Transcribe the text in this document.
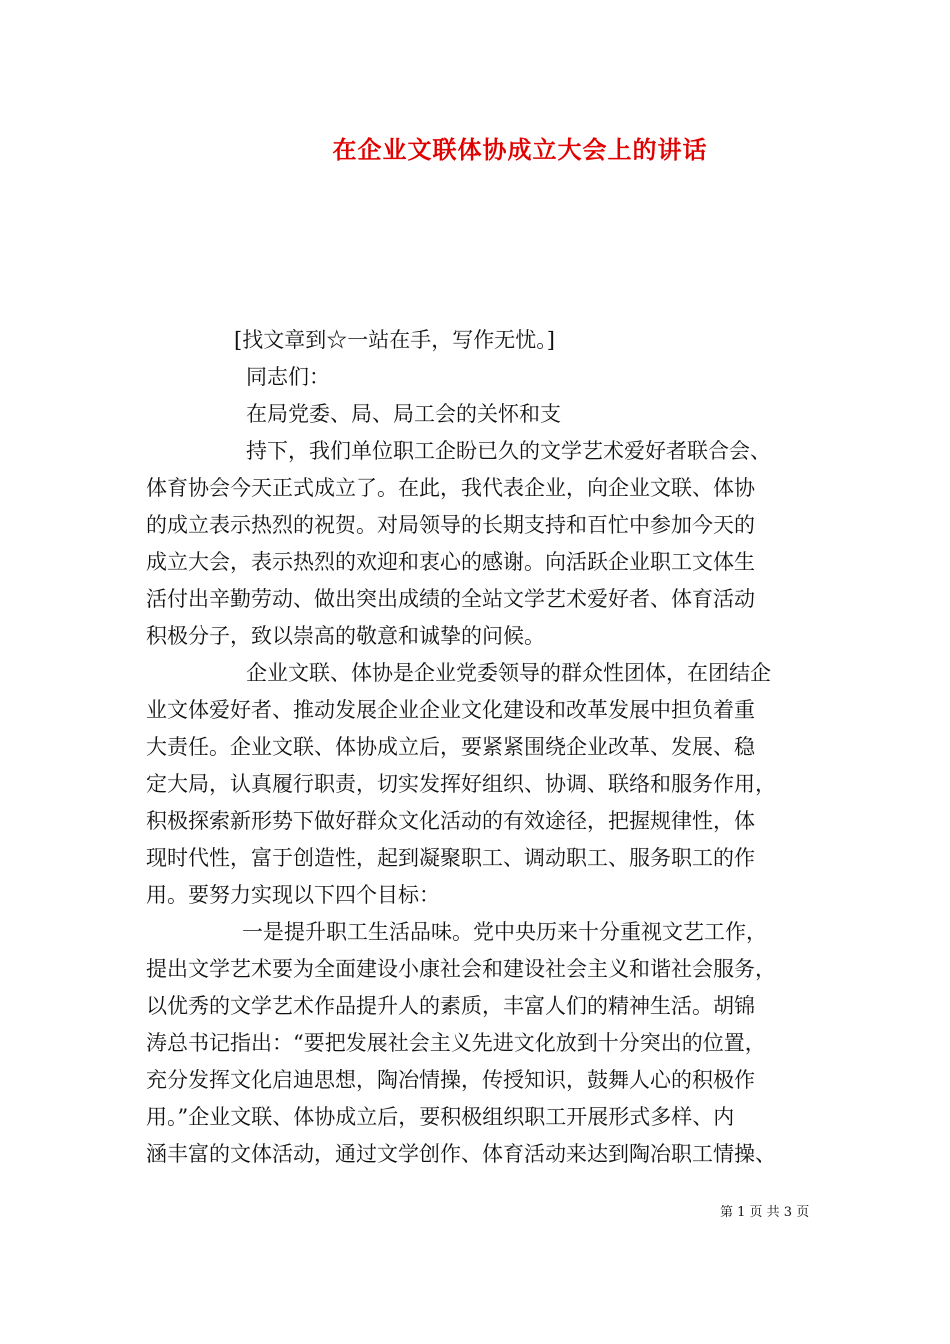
在企业文联体协成立大会上的讲话
[找文章到☆一站在手，写作无忧。]
同志们：
在局党委、局、局工会的关怀和支
持下，我们单位职工企盼已久的文学艺术爱好者联合会、
体育协会今天正式成立了。在此，我代表企业，向企业文联、体协
的成立表示热烈的祝贺。对局领导的长期支持和百忙中参加今天的
成立大会，表示热烈的欢迎和衷心的感谢。向活跃企业职工文体生
活付出辛勤劳动、做出突出成绩的全站文学艺术爱好者、体育活动
积极分子，致以崇高的敬意和诚挚的问候。
企业文联、体协是企业党委领导的群众性团体，在团结企
业文体爱好者、推动发展企业企业文化建设和改革发展中担负着重
大责任。企业文联、体协成立后，要紧紧围绕企业改革、发展、稳
定大局，认真履行职责，切实发挥好组织、协调、联络和服务作用，
积极探索新形势下做好群众文化活动的有效途径，把握规律性，体
现时代性，富于创造性，起到凝聚职工、调动职工、服务职工的作
用。要努力实现以下四个目标：
一是提升职工生活品味。党中央历来十分重视文艺工作，
提出文学艺术要为全面建设小康社会和建设社会主义和谐社会服务，
以优秀的文学艺术作品提升人的素质，丰富人们的精神生活。胡锦
涛总书记指出：“要把发展社会主义先进文化放到十分突出的位置，
充分发挥文化启迪思想，陶冶情操，传授知识，鼓舞人心的积极作
用。”企业文联、体协成立后，要积极组织职工开展形式多样、内
涵丰富的文体活动，通过文学创作、体育活动来达到陶冶职工情操、
第 1 页 共 3 页
